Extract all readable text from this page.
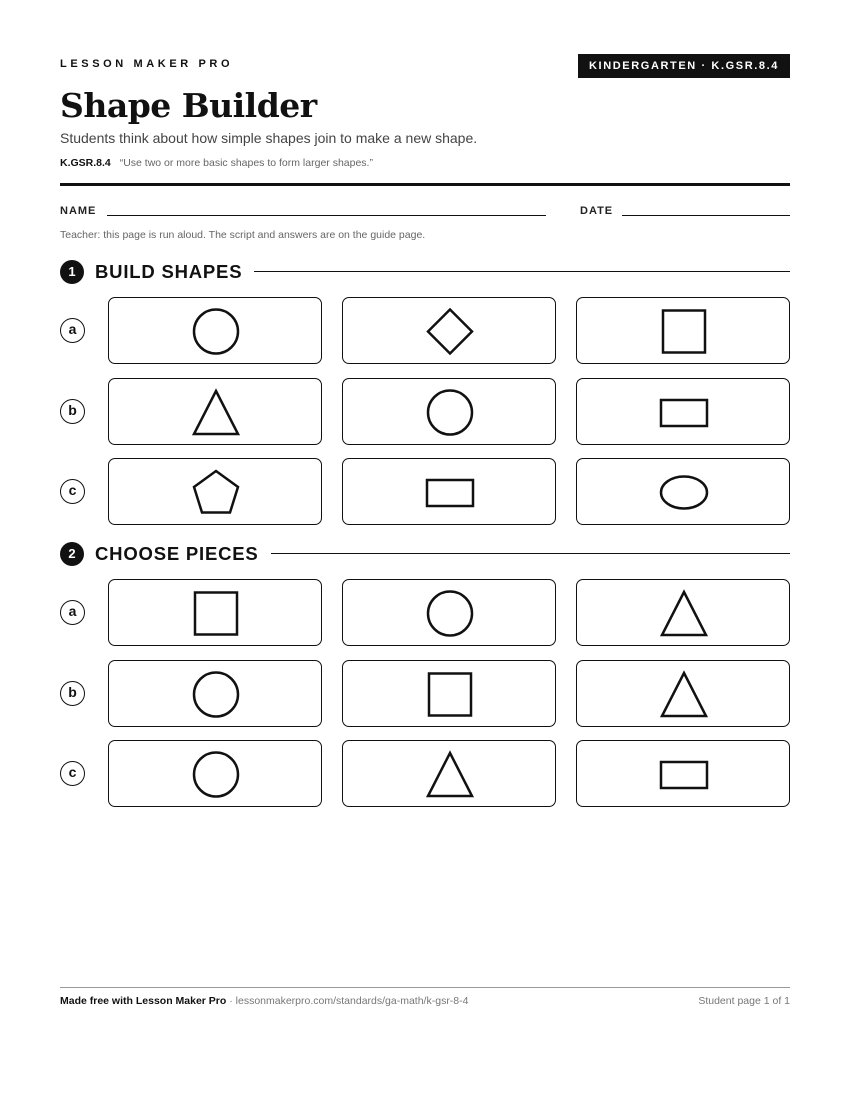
LESSON MAKER PRO	KINDERGARTEN · K.GSR.8.4
Shape Builder
Students think about how simple shapes join to make a new shape.
K.GSR.8.4 “Use two or more basic shapes to form larger shapes.”
NAME	DATE
Teacher: this page is run aloud. The script and answers are on the guide page.
1	BUILD SHAPES
a
b
c
2	CHOOSE PIECES
a
b
c
Made free with Lesson Maker Pro · lessonmakerpro.com/standards/ga-math/k-gsr-8-4	Student page 1 of 1
